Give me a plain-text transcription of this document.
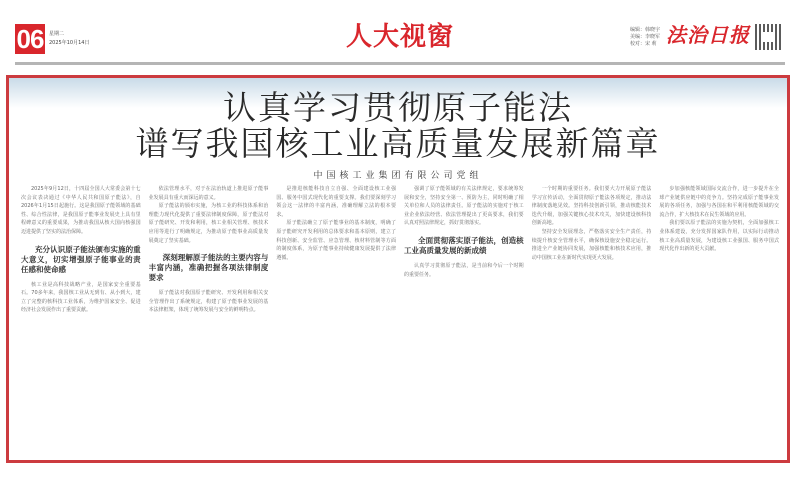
06	星期二
2025年10月14日	人大视窗	编辑：韩晓宇
美编：李晓军
校对：宋 莉 法治日报
认真学习贯彻原子能法
谱写我国核工业高质量发展新篇章
中国核工业集团有限公司党组

2025年9月12日，十四届全国人大常委会第十七次会议表决通过《中华人民共和国原子能法》，自2026年1月15日起施行。这是我国原子能领域的基础性、综合性法律，是我国原子能事业发展史上具有里程碑意义的重要成果，为推动我国从核大国向核强国迈进提供了坚实的法治保障。

充分认识原子能法颁布实施的重大意义，切实增强原子能事业的责任感和使命感

核工业是高科技战略产业，是国家安全重要基石。70多年来，我国核工业从无到有、从小到大，建立了完整的核科技工业体系，为维护国家安全、促进经济社会发展作出了重要贡献。

依法管理水平，对于在法治轨道上推进原子能事业发展具有重大而深远的意义。

原子能法的颁布实施，为核工业的科技体系和治理能力现代化提供了重要法律制度保障，原子能法对原子能研究、开发和利用，核工业相关管理、核技术应用等进行了明确规定，为推动原子能事业高质量发展奠定了坚实基础。

深刻理解原子能法的主要内容与丰富内涵，准确把握各项法律制度要求

原子能法对我国原子能研究、开发利用和相关安全管理作出了系统规定，构建了原子能事业发展的基本法律框架，体现了统筹发展与安全的鲜明特点。

是推进核能科技自立自强、全面建设核工业强国、服务中国式现代化的重要支撑。我们要深刻学习领会这一法律的丰富内涵，准确理解立法的根本要求。

原子能法确立了原子能事业的基本制度，明确了原子能研究开发利用的总体要求和基本原则，建立了科技创新、安全监管、应急管理、核材料管制等方面的制度体系，为原子能事业持续健康发展提供了法律遵循。

强调了原子能领域的有关法律规定，要求统筹发展和安全，坚持安全第一、预防为主，同时明确了相关单位和人员的法律责任。原子能法的实施对于核工业企业依法经营、依法管理提出了更高要求，我们要认真对照法律规定，抓好贯彻落实。

全面贯彻落实原子能法，创造核工业高质量发展的新成绩

认真学习贯彻原子能法，是当前和今后一个时期的重要任务。

一个时期的重要任务。我们要大力开展原子能法学习宣传活动，全面贯彻原子能法各项规定，推动法律制度落地见效。坚持科技创新引领，推动核能技术迭代升级，加强关键核心技术攻关，加快建设核科技创新高地。

坚持安全发展理念，严格落实安全生产责任，持续提升核安全管理水平，确保核设施安全稳定运行。推进全产业链协同发展，加强核能和核技术应用，推动中国核工业在新时代实现更大发展。

步加强核能领域国际交流合作，进一步提升在全球产业链供应链中的竞争力。坚持完成原子能事业发展的各项任务，加强与各国在和平利用核能领域的交流合作，扩大核技术在民生领域的应用。

我们要以原子能法的实施为契机，全面加强核工业体系建设，充分发挥国家队作用，以实际行动推动核工业高质量发展，为建设核工业强国、服务中国式现代化作出新的更大贡献。
